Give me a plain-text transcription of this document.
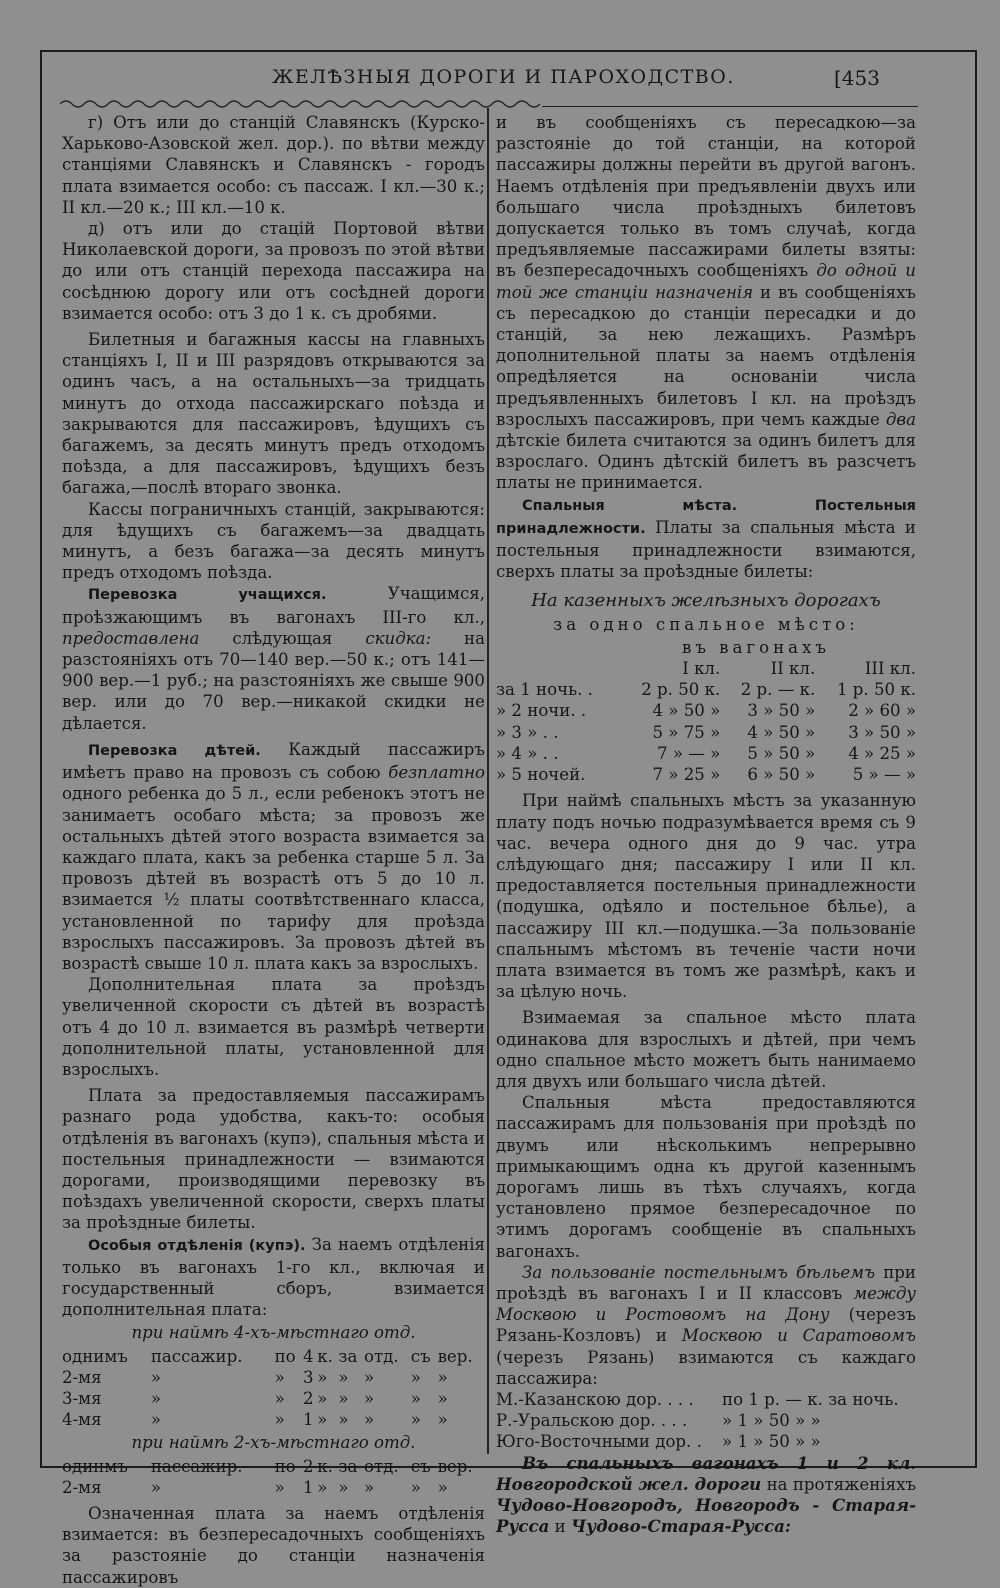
ЖЕЛѢЗНЫЯ ДОРОГИ И ПАРОХОДСТВО.	[453

г) Отъ или до станцій Славянскъ (Курско-Харьково-Азовской жел. дор.). по вѣтви между станціями Славянскъ и Славянскъ - городъ плата взимается особо: съ пассаж. I кл.—30 к.; II кл.—20 к.; III кл.—10 к.

д) отъ или до стацій Портовой вѣтви Николаевской дороги, за провозъ по этой вѣтви до или отъ станцій перехода пассажира на сосѣднюю дорогу или отъ сосѣдней дороги взимается особо: отъ 3 до 1 к. съ дробями.

Билетныя и багажныя кассы на главныхъ станціяхъ I, II и III разрядовъ открываются за одинъ часъ, а на остальныхъ—за тридцать минутъ до отхода пассажирскаго поѣзда и закрываются для пассажировъ, ѣдущихъ съ багажемъ, за десять минутъ предъ отходомъ поѣзда, а для пассажировъ, ѣдущихъ безъ багажа,—послѣ втораго звонка.

Кассы пограничныхъ станцій, закрываются: для ѣдущихъ съ багажемъ—за двадцать минутъ, а безъ багажа—за десять минутъ предъ отходомъ поѣзда.

Перевозка учащихся.	Учащимся, проѣзжающимъ въ вагонахъ III-го кл., предоставлена слѣдующая скидка: на разстояніяхъ отъ 70—140 вер.—50 к.; отъ 141— 900 вер.—1 руб.; на разстояніяхъ же свыше 900 вер. или до 70 вер.—никакой скидки не дѣлается.

Перевозка дѣтей. Каждый пассажиръ имѣетъ право на провозъ съ собою безплатно одного ребенка до 5 л., если ребенокъ этотъ не занимаетъ особаго мѣста; за провозъ же остальныхъ дѣтей этого возраста взимается за каждаго плата, какъ за ребенка старше 5 л. За провозъ дѣтей въ возрастѣ отъ 5 до 10 л. взимается ½ платы соотвѣтственнаго класса, установленной по тарифу для проѣзда взрослыхъ пассажировъ. За провозъ дѣтей въ возрастѣ свыше 10 л. плата какъ за взрослыхъ.

Дополнительная плата за проѣздъ увеличенной скорости съ дѣтей въ возрастѣ отъ 4 до 10 л. взимается въ размѣрѣ четверти дополнительной платы, установленной для взрослыхъ.

Плата за предоставляемыя пассажирамъ разнаго рода удобства, какъ-то: особыя отдѣленія въ вагонахъ (купэ), спальныя мѣста и постельныя принадлежности — взимаются дорогами, производящими перевозку въ поѣздахъ увеличенной скорости, сверхъ платы за проѣздные билеты.

Особыя отдѣленія (купэ). За наемъ отдѣленія только въ вагонахъ 1-го кл., включая и государственный сборъ, взимается дополнительная плата:

при наймѣ 4-хъ-мѣстнаго отд.
однимъ	пассажир.	по	4	к.	за	отд.	съ	вер.
2-мя	»	»	3	»	»	»	»	»
3-мя	»	»	2	»	»	»	»	»
4-мя	»	»	1	»	»	»	»	»
при наймѣ 2-хъ-мѣстнаго отд.
одинмъ	пассажир.	по	2	к.	за	отд.	съ	вер.
2-мя	»	»	1	»	»	»	»	»

Означенная плата за наемъ отдѣленія взимается: въ безпересадочныхъ сообщеніяхъ за разстояніе до станціи назначенія пассажировъ

и въ сообщеніяхъ съ пересадкою—за разстояніе до той станціи, на которой пассажиры должны перейти въ другой вагонъ. Наемъ отдѣленія при предъявленіи двухъ или большаго числа проѣздныхъ билетовъ допускается только въ томъ случаѣ, когда предъявляемые пассажирами билеты взяты: въ безпересадочныхъ сообщеніяхъ до одной и той же станціи назначенія и въ сообщеніяхъ съ пересадкою до станціи пересадки и до станцій, за нею лежащихъ. Размѣръ дополнительной платы за наемъ отдѣленія опредѣляется на основаніи числа предъявленныхъ билетовъ I кл. на проѣздъ взрослыхъ пассажировъ, при чемъ каждые два дѣтскіе билета считаются за одинъ билетъ для взрослаго. Одинъ дѣтскій билетъ въ разсчетъ платы не принимается.

Спальныя мѣста. Постельныя принадлежности. Платы за спальныя мѣста и постельныя принадлежности взимаются, сверхъ платы за проѣздные билеты:

На казенныхъ желѣзныхъ дорогахъ
за одно спальное мѣсто:
въ вагонахъ
	I кл.	II кл.	III кл.
за 1 ночь. .	2 р. 50 к.	2 р. — к.	1 р. 50 к.
» 2 ночи. .	4 » 50 »	3 » 50 »	2 » 60 »
» 3 » . .	5 » 75 »	4 » 50 »	3 » 50 »
» 4 » . .	7 » — »	5 » 50 »	4 » 25 »
» 5 ночей.	7 » 25 »	6 » 50 »	5 » — »

При наймѣ спальныхъ мѣстъ за указанную плату подъ ночью подразумѣвается время съ 9 час. вечера одного дня до 9 час. утра слѣдующаго дня; пассажиру I или II кл. предоставляется постельныя принадлежности (подушка, одѣяло и постельное бѣлье), а пассажиру III кл.—подушка.—За пользованіе спальнымъ мѣстомъ въ теченіе части ночи плата взимается въ томъ же размѣрѣ, какъ и за цѣлую ночь.

Взимаемая за спальное мѣсто плата одинакова для взрослыхъ и дѣтей, при чемъ одно спальное мѣсто можетъ быть нанимаемо для двухъ или большаго числа дѣтей.

Спальныя мѣста предоставляются пассажирамъ для пользованія при проѣздѣ по двумъ или нѣсколькимъ непрерывно примыкающимъ одна къ другой казеннымъ дорогамъ лишь въ тѣхъ случаяхъ, когда установлено прямое безпересадочное по этимъ дорогамъ сообщеніе въ спальныхъ вагонахъ.

За пользованіе постельнымъ бѣльемъ при проѣздѣ въ вагонахъ I и II классовъ между Москвою и Ростовомъ на Дону (черезъ Рязань-Козловъ) и Москвою и Саратовомъ (черезъ Рязань) взимаются съ каждаго пассажира:

М.-Казанскою дор. . . .	по 1 р. — к. за ночь.
Р.-Уральскою дор. . . .	» 1 » 50 » »
Юго-Восточными дор. .	» 1 » 50 » »

Въ спальныхъ вагонахъ 1 и 2 кл. Новгородской жел. дороги на протяженіяхъ Чудово-Новгородъ, Новгородъ - Старая-Русса и Чудово-Старая-Русса:
